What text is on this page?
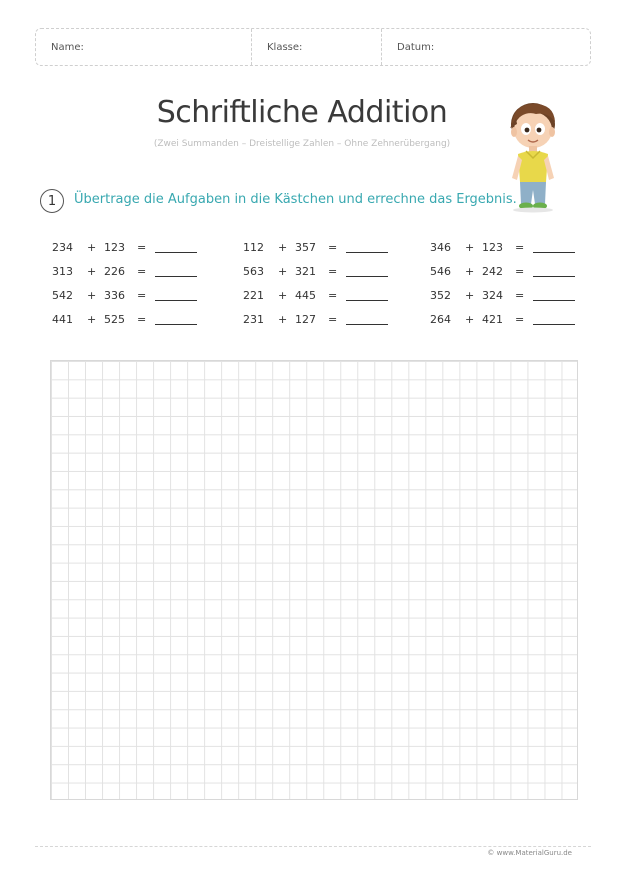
Name:	Klasse:	Datum:
Schriftliche Addition
(Zwei Summanden – Dreistellige Zahlen – Ohne Zehnerübergang)
1	Übertrage die Aufgaben in die Kästchen und errechne das Ergebnis.
234 + 123 =
313 + 226 =
542 + 336 =
441 + 525 =
112 + 357 =
563 + 321 =
221 + 445 =
231 + 127 =
346 + 123 =
546 + 242 =
352 + 324 =
264 + 421 =
© www.MaterialGuru.de
